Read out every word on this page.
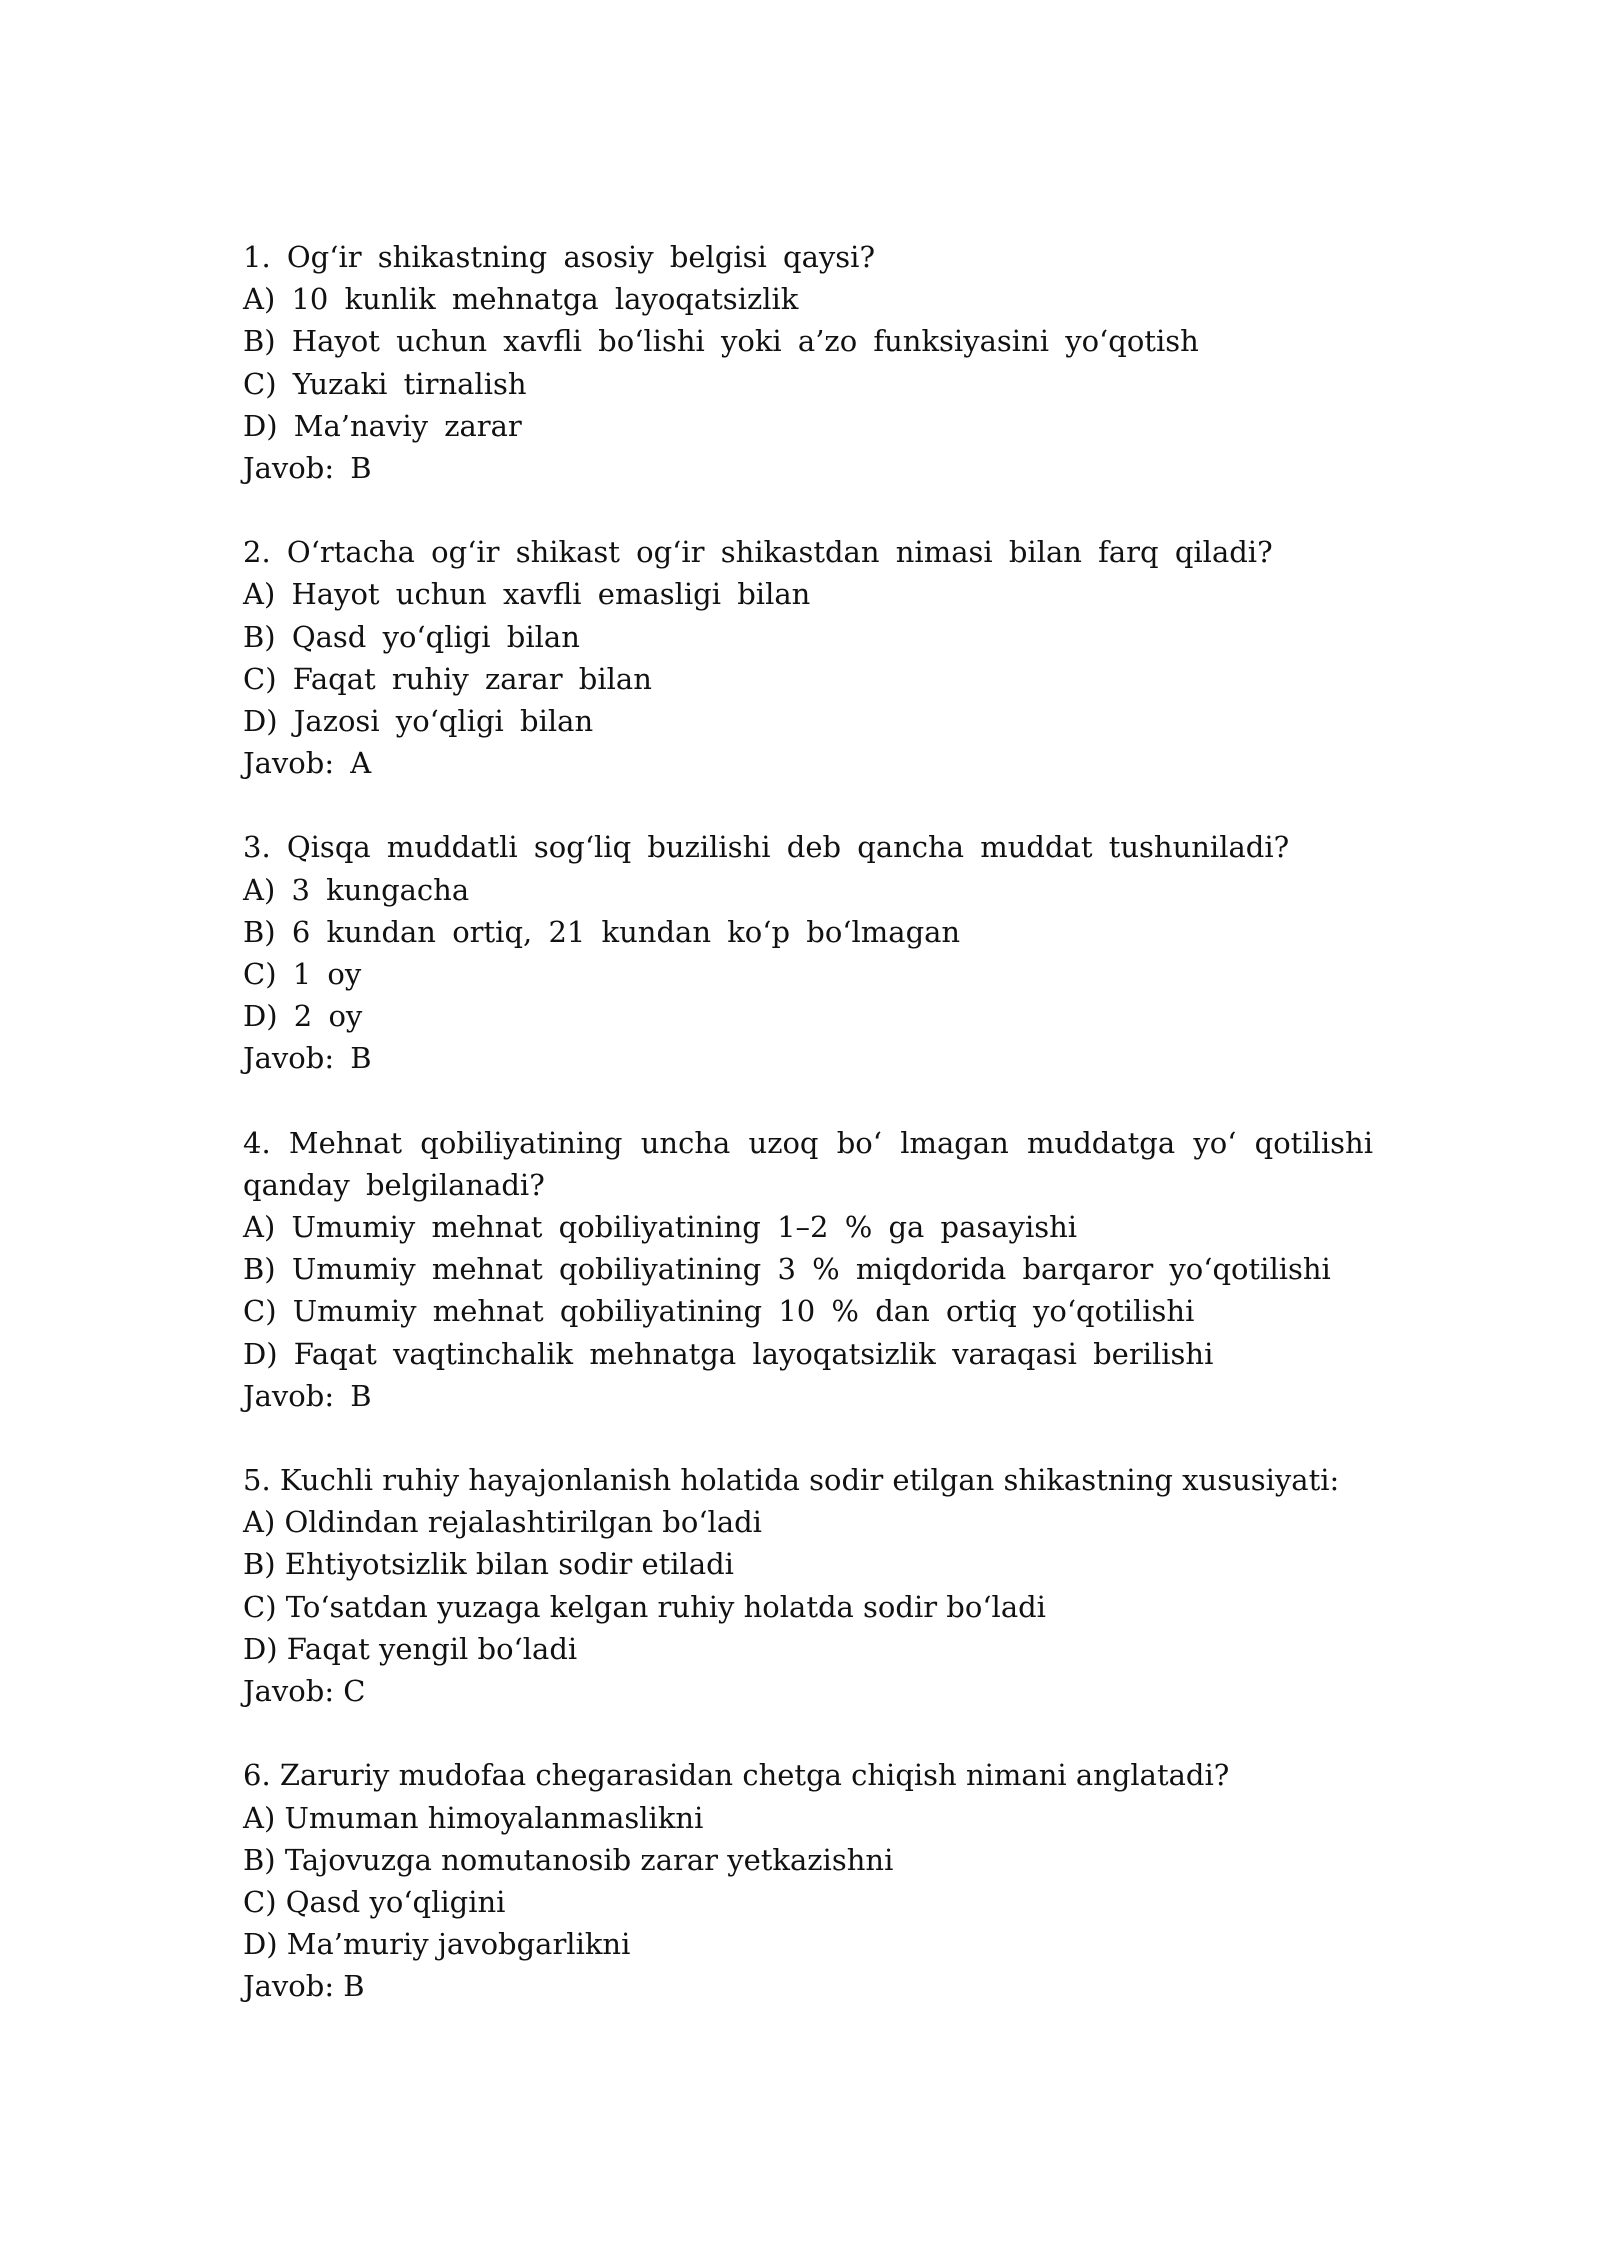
1. Og‘ir shikastning asosiy belgisi qaysi?
A) 10 kunlik mehnatga layoqatsizlik
B) Hayot uchun xavfli bo‘lishi yoki a’zo funksiyasini yo‘qotish
C) Yuzaki tirnalish
D) Ma’naviy zarar
Javob: B
2. O‘rtacha og‘ir shikast og‘ir shikastdan nimasi bilan farq qiladi?
A) Hayot uchun xavfli emasligi bilan
B) Qasd yo‘qligi bilan
C) Faqat ruhiy zarar bilan
D) Jazosi yo‘qligi bilan
Javob: A
3. Qisqa muddatli sog‘liq buzilishi deb qancha muddat tushuniladi?
A) 3 kungacha
B) 6 kundan ortiq, 21 kundan ko‘p bo‘lmagan
C) 1 oy
D) 2 oy
Javob: B
4. Mehnat qobiliyatining uncha uzoq bo‘ lmagan muddatga yo‘ qotilishi
qanday belgilanadi?
A) Umumiy mehnat qobiliyatining 1–2 % ga pasayishi
B) Umumiy mehnat qobiliyatining 3 % miqdorida barqaror yo‘qotilishi
C) Umumiy mehnat qobiliyatining 10 % dan ortiq yo‘qotilishi
D) Faqat vaqtinchalik mehnatga layoqatsizlik varaqasi berilishi
Javob: B
5. Kuchli ruhiy hayajonlanish holatida sodir etilgan shikastning xususiyati:
A) Oldindan rejalashtirilgan bo‘ladi
B) Ehtiyotsizlik bilan sodir etiladi
C) To‘satdan yuzaga kelgan ruhiy holatda sodir bo‘ladi
D) Faqat yengil bo‘ladi
Javob: C
6. Zaruriy mudofaa chegarasidan chetga chiqish nimani anglatadi?
A) Umuman himoyalanmaslikni
B) Tajovuzga nomutanosib zarar yetkazishni
C) Qasd yo‘qligini
D) Ma’muriy javobgarlikni
Javob: B
